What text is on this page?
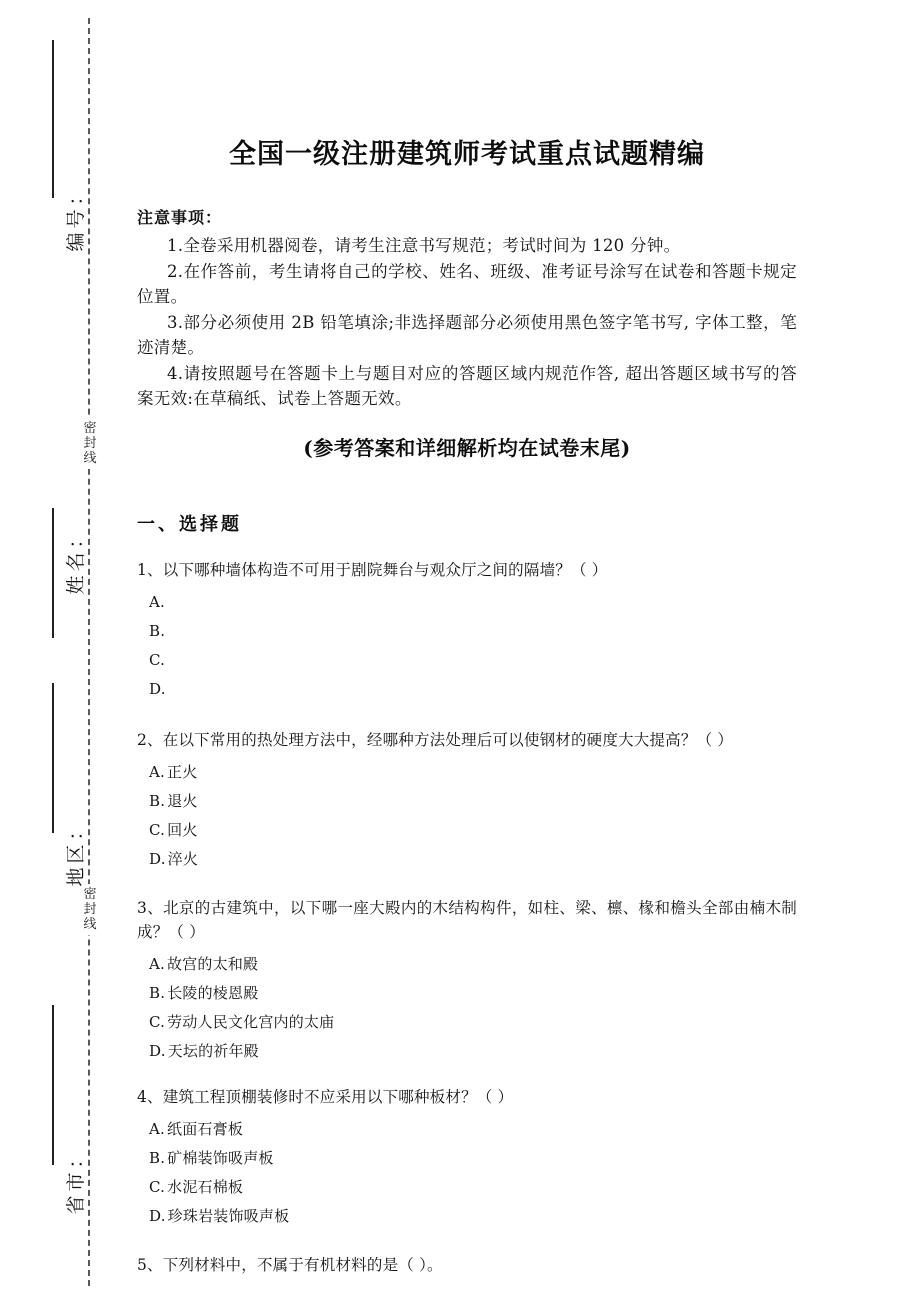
密封线
密封线
编号：
姓名：
地区：
省市：
全国一级注册建筑师考试重点试题精编
注意事项：

1.全卷采用机器阅卷，请考生注意书写规范；考试时间为 120 分钟。

2.在作答前，考生请将自己的学校、姓名、班级、准考证号涂写在试卷和答题卡规定位置。

3.部分必须使用 2B 铅笔填涂;非选择题部分必须使用黑色签字笔书写, 字体工整，笔迹清楚。

4.请按照题号在答题卡上与题目对应的答题区域内规范作答, 超出答题区域书写的答案无效:在草稿纸、试卷上答题无效。

(参考答案和详细解析均在试卷末尾)
一、选择题
1、以下哪种墙体构造不可用于剧院舞台与观众厅之间的隔墙？（ ）
A.
B.
C.
D.
2、在以下常用的热处理方法中，经哪种方法处理后可以使钢材的硬度大大提高？（ ）
A. 正火
B. 退火
C. 回火
D. 淬火
3、北京的古建筑中，以下哪一座大殿内的木结构构件，如柱、梁、檩、椽和檐头全部由楠木制成？（ ）
A. 故宫的太和殿
B. 长陵的棱恩殿
C. 劳动人民文化宫内的太庙
D. 天坛的祈年殿
4、建筑工程顶棚装修时不应采用以下哪种板材？（ ）
A. 纸面石膏板
B. 矿棉装饰吸声板
C. 水泥石棉板
D. 珍珠岩装饰吸声板
5、下列材料中，不属于有机材料的是（ ）。
